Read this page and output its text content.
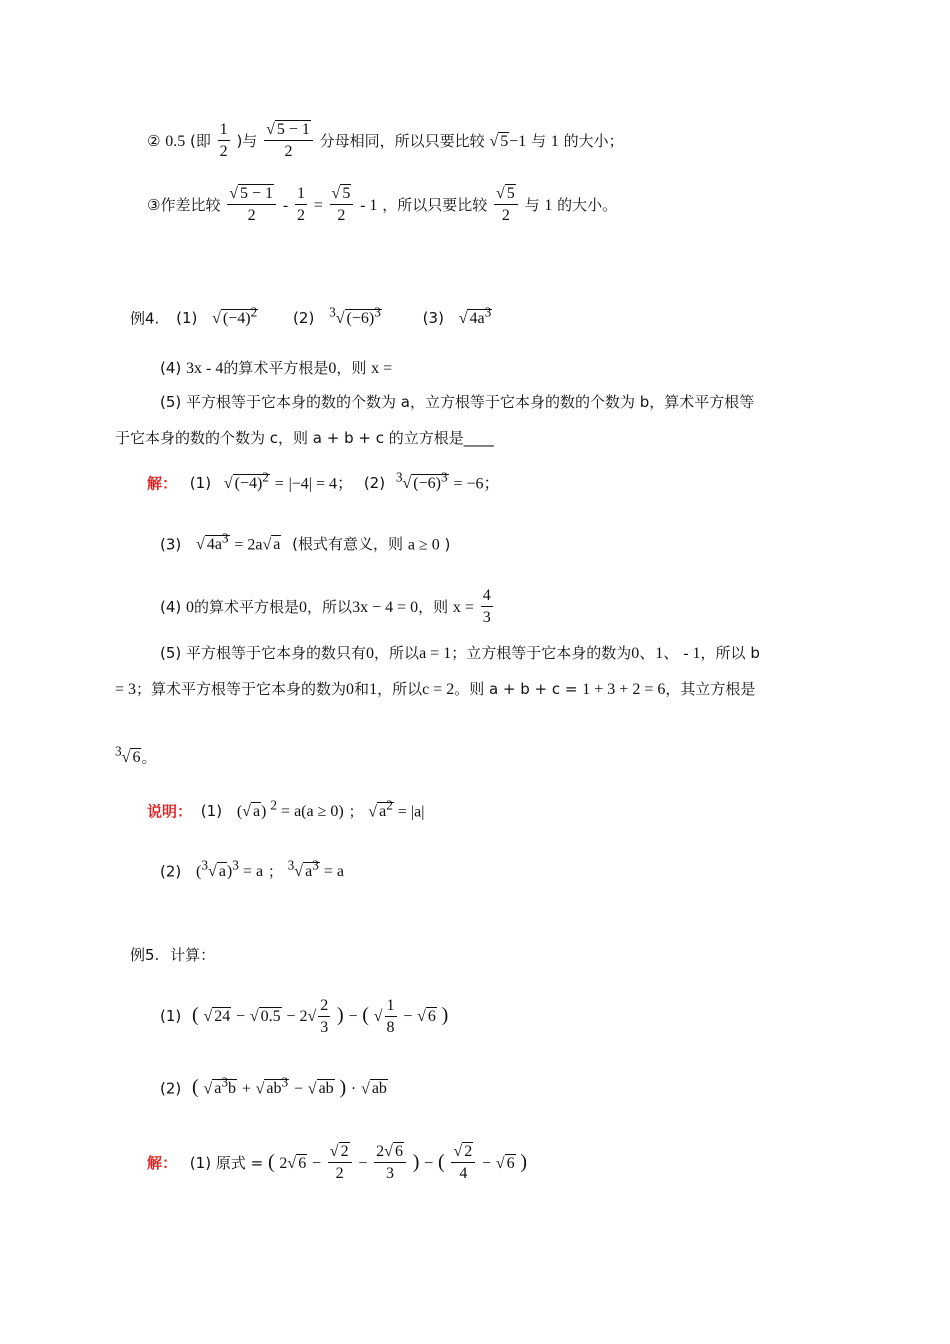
② 0.5 (即 $\frac{1}{2}$ )与 $\frac{√ 5 - 1}{2}$ 分母相同，所以只要比较 √ 5−1 与 1 的大小；
③作差比较 $\frac{√ 5 - 1}{2} - \frac{1}{2} = \frac{√ 5}{2} - 1$ ，所以只要比较 $\frac{√ 5}{2}$ 与 1 的大小。
例4. (1) √ $(-4)^2$ (2) $^3$√ $(-6)^3$	(3) √ $4a^3$
(4) 3x - 4的算术平方根是0，则 x =
(5) 平方根等于它本身的数的个数为 a，立方根等于它本身的数的个数为 b，算术平方根等
于它本身的数的个数为 c，则 a + b + c 的立方根是____
解： (1) √ $(-4)^2 = |-4| = 4$； (2) $^3$√ $(-6)^3 = -6$；
(3) √ $4a^3 = 2a√$ a (根式有意义，则 a ≥ 0 )
(4) 0的算术平方根是0，所以3x − 4 = 0，则 $x = \frac{4}{3}$
(5) 平方根等于它本身的数只有0，所以a = 1；立方根等于它本身的数为0、1、 - 1，所以 b
= 3；算术平方根等于它本身的数为0和1，所以c = 2。则 a + b + c = 1 + 3 + 2 = 6，其立方根是
$^3$√ 6。
说明： (1) (√ a) $^2$ = a(a ≥ 0) ； √ $a^2 = |a|$
(2) ($^3$√ a)$^3$ = a ； $^3$√ $a^3 = a$
例5. 计算：
(1) ( √ 24 − √ $0.5 - 2√ \frac{2}{3}$ ) − ( √ $\frac{1}{8}$ − √ 6 )
(2) ( √ $a^3b$ + √ $ab^3$ − √ ab ) · √ ab
解： (1) 原式 = ( 2√ $6 - \frac{√ 2}{2} - \frac{2√ 6}{3}$ ) − ( $\frac{√ 2}{4}$ − √ 6 )
